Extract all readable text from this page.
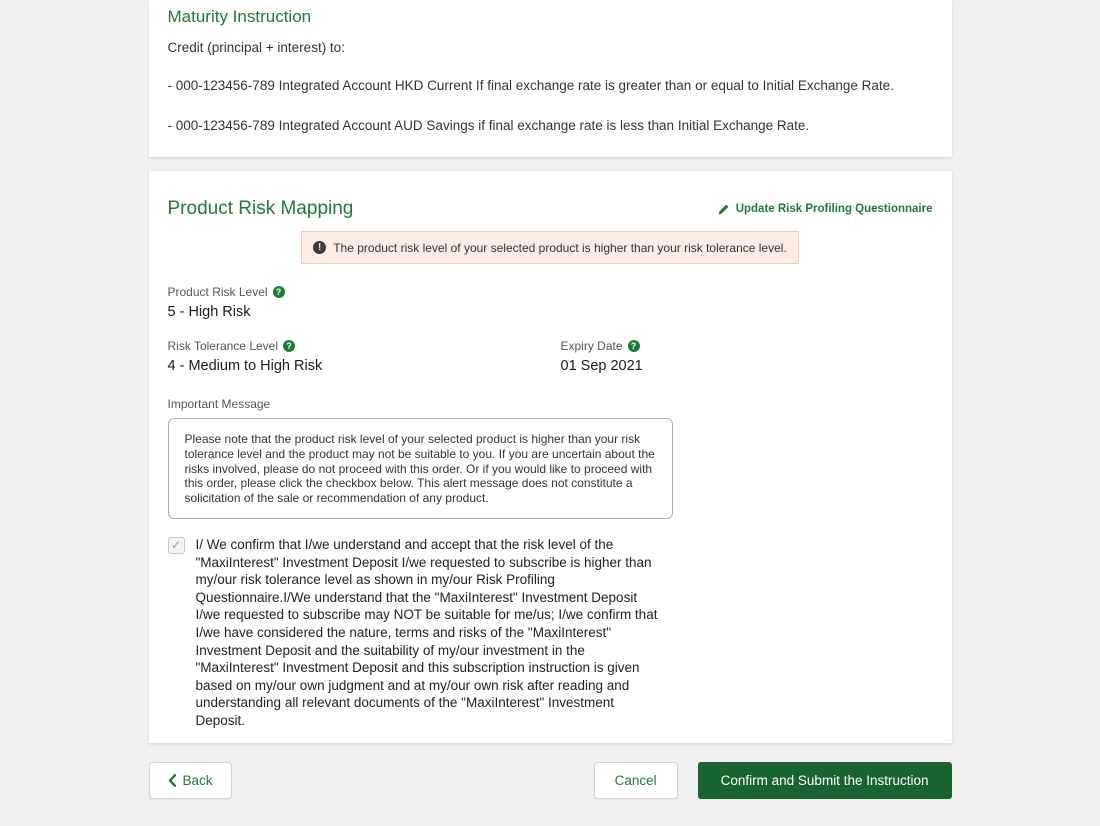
Maturity Instruction

Credit (principal + interest) to:

- 000-123456-789 Integrated Account HKD Current If final exchange rate is greater than or equal to Initial Exchange Rate.

- 000-123456-789 Integrated Account AUD Savings if final exchange rate is less than Initial Exchange Rate.

Product Risk Mapping	Update Risk Profiling Questionnaire
! The product risk level of your selected product is higher than your risk tolerance level.
Product Risk Level ?
5 - High Risk
Risk Tolerance Level ?
4 - Medium to High Risk
Expiry Date ?
01 Sep 2021
Important Message
Please note that the product risk level of your selected product is higher than your risk tolerance level and the product may not be suitable to you. If you are uncertain about the risks involved, please do not proceed with this order. Or if you would like to proceed with this order, please click the checkbox below. This alert message does not constitute a solicitation of the sale or recommendation of any product.
✓ I/ We confirm that I/we understand and accept that the risk level of the "MaxiInterest" Investment Deposit I/we requested to subscribe is higher than my/our risk tolerance level as shown in my/our Risk Profiling Questionnaire.I/We understand that the "MaxiInterest" Investment Deposit I/we requested to subscribe may NOT be suitable for me/us; I/we confirm that I/we have considered the nature, terms and risks of the "MaxiInterest" Investment Deposit and the suitability of my/our investment in the "MaxiInterest" Investment Deposit and this subscription instruction is given based on my/our own judgment and at my/our own risk after reading and understanding all relevant documents of the "MaxiInterest" Investment Deposit.
Back	Cancel	Confirm and Submit the Instruction
